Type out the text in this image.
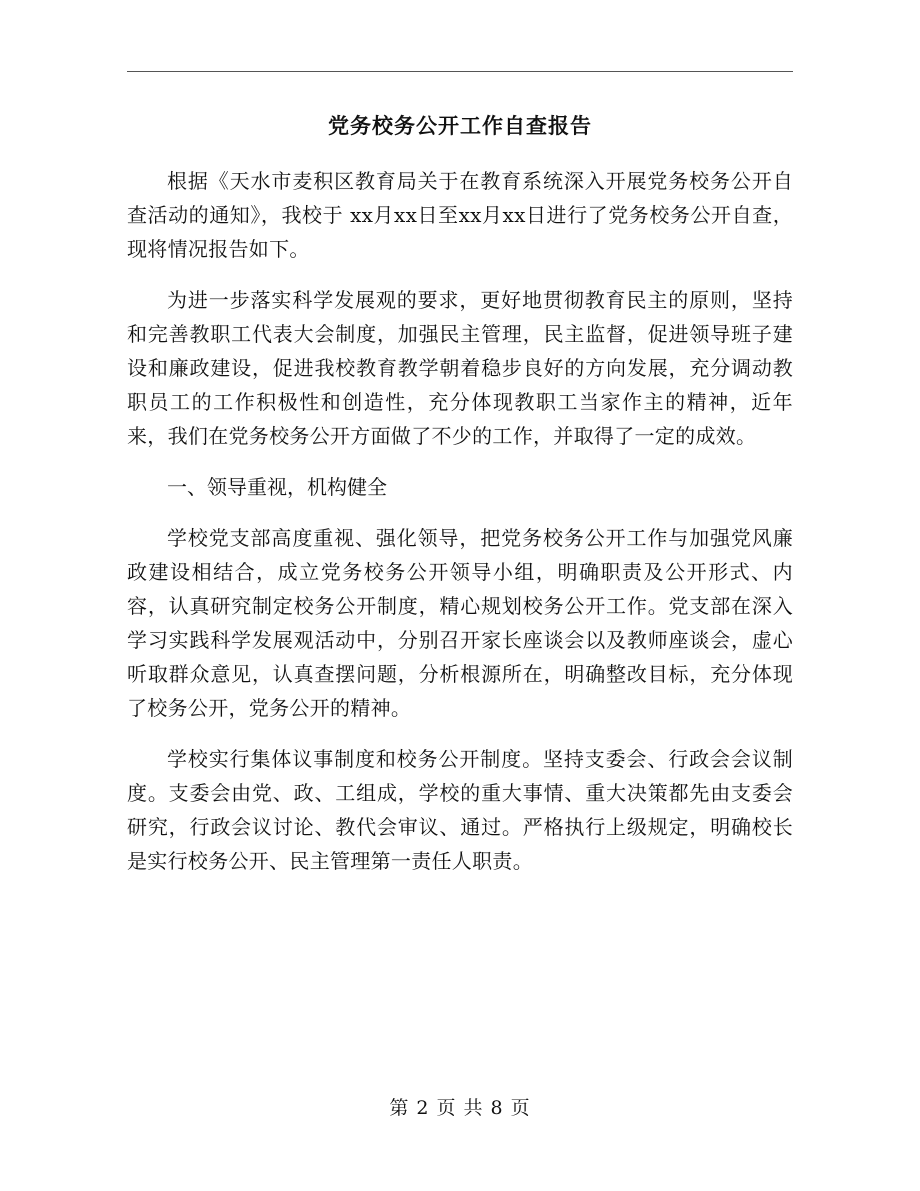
党务校务公开工作自查报告

根据《天水市麦积区教育局关于在教育系统深入开展党务校务公开自查活动的通知》，我校于 xx月xx日至xx月xx日进行了党务校务公开自查，现将情况报告如下。

为进一步落实科学发展观的要求，更好地贯彻教育民主的原则，坚持和完善教职工代表大会制度，加强民主管理，民主监督，促进领导班子建设和廉政建设，促进我校教育教学朝着稳步良好的方向发展，充分调动教职员工的工作积极性和创造性，充分体现教职工当家作主的精神，近年来，我们在党务校务公开方面做了不少的工作，并取得了一定的成效。

一、领导重视，机构健全

学校党支部高度重视、强化领导，把党务校务公开工作与加强党风廉政建设相结合，成立党务校务公开领导小组，明确职责及公开形式、内容，认真研究制定校务公开制度，精心规划校务公开工作。党支部在深入学习实践科学发展观活动中，分别召开家长座谈会以及教师座谈会，虚心听取群众意见，认真查摆问题，分析根源所在，明确整改目标，充分体现了校务公开，党务公开的精神。

学校实行集体议事制度和校务公开制度。坚持支委会、行政会会议制度。支委会由党、政、工组成，学校的重大事情、重大决策都先由支委会研究，行政会议讨论、教代会审议、通过。严格执行上级规定，明确校长是实行校务公开、民主管理第一责任人职责。

第 2 页 共 8 页
